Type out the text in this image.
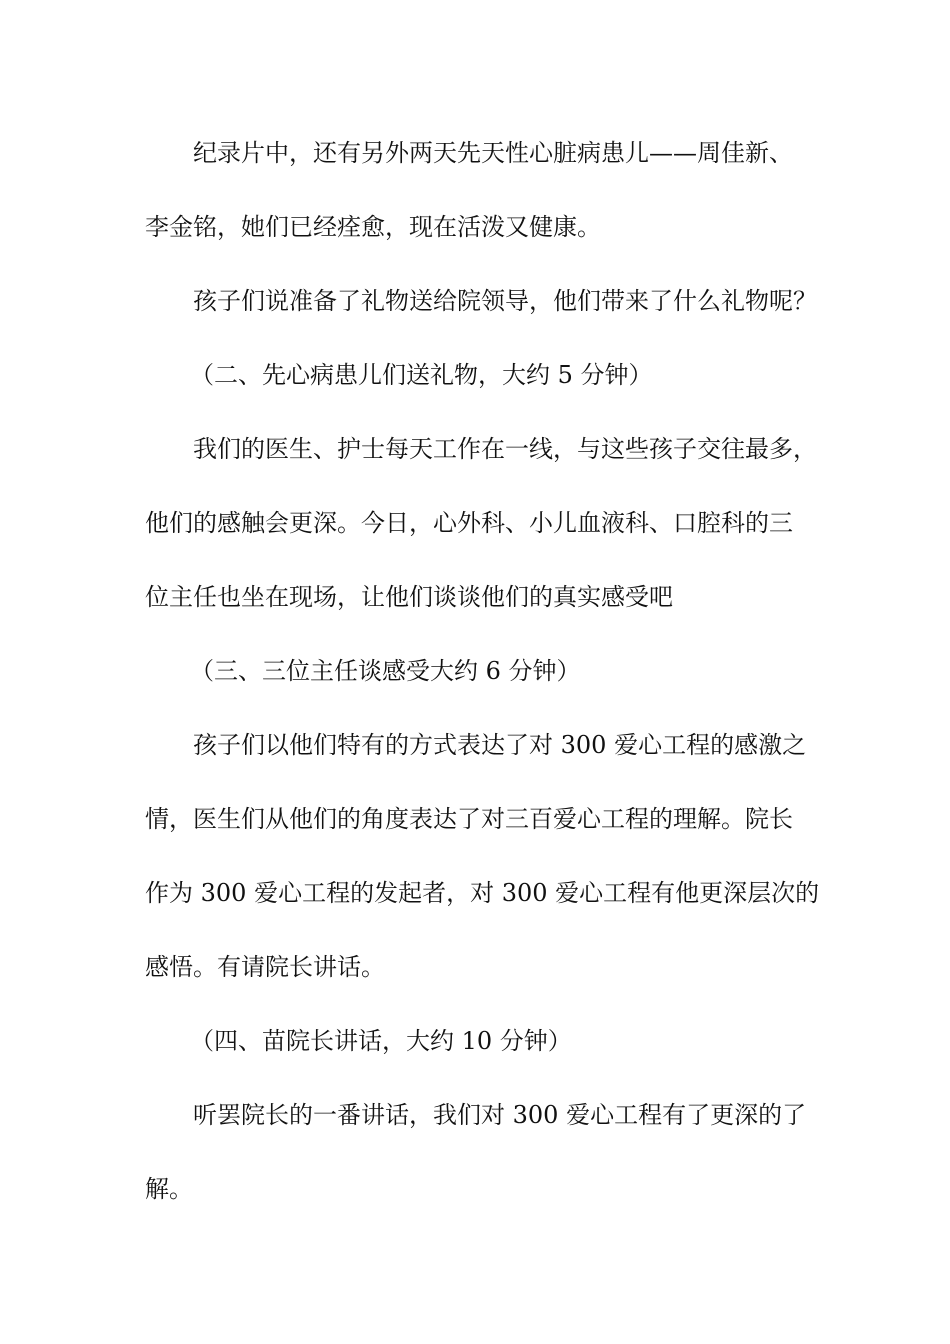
纪录片中，还有另外两天先天性心脏病患儿——周佳新、
李金铭，她们已经痊愈，现在活泼又健康。
孩子们说准备了礼物送给院领导，他们带来了什么礼物呢？
（二、先心病患儿们送礼物，大约 5 分钟）
我们的医生、护士每天工作在一线，与这些孩子交往最多，
他们的感触会更深。今日，心外科、小儿血液科、口腔科的三
位主任也坐在现场，让他们谈谈他们的真实感受吧
（三、三位主任谈感受大约 6 分钟）
孩子们以他们特有的方式表达了对 300 爱心工程的感激之
情，医生们从他们的角度表达了对三百爱心工程的理解。院长
作为 300 爱心工程的发起者，对 300 爱心工程有他更深层次的
感悟。有请院长讲话。
（四、苗院长讲话，大约 10 分钟）
听罢院长的一番讲话，我们对 300 爱心工程有了更深的了
解。
